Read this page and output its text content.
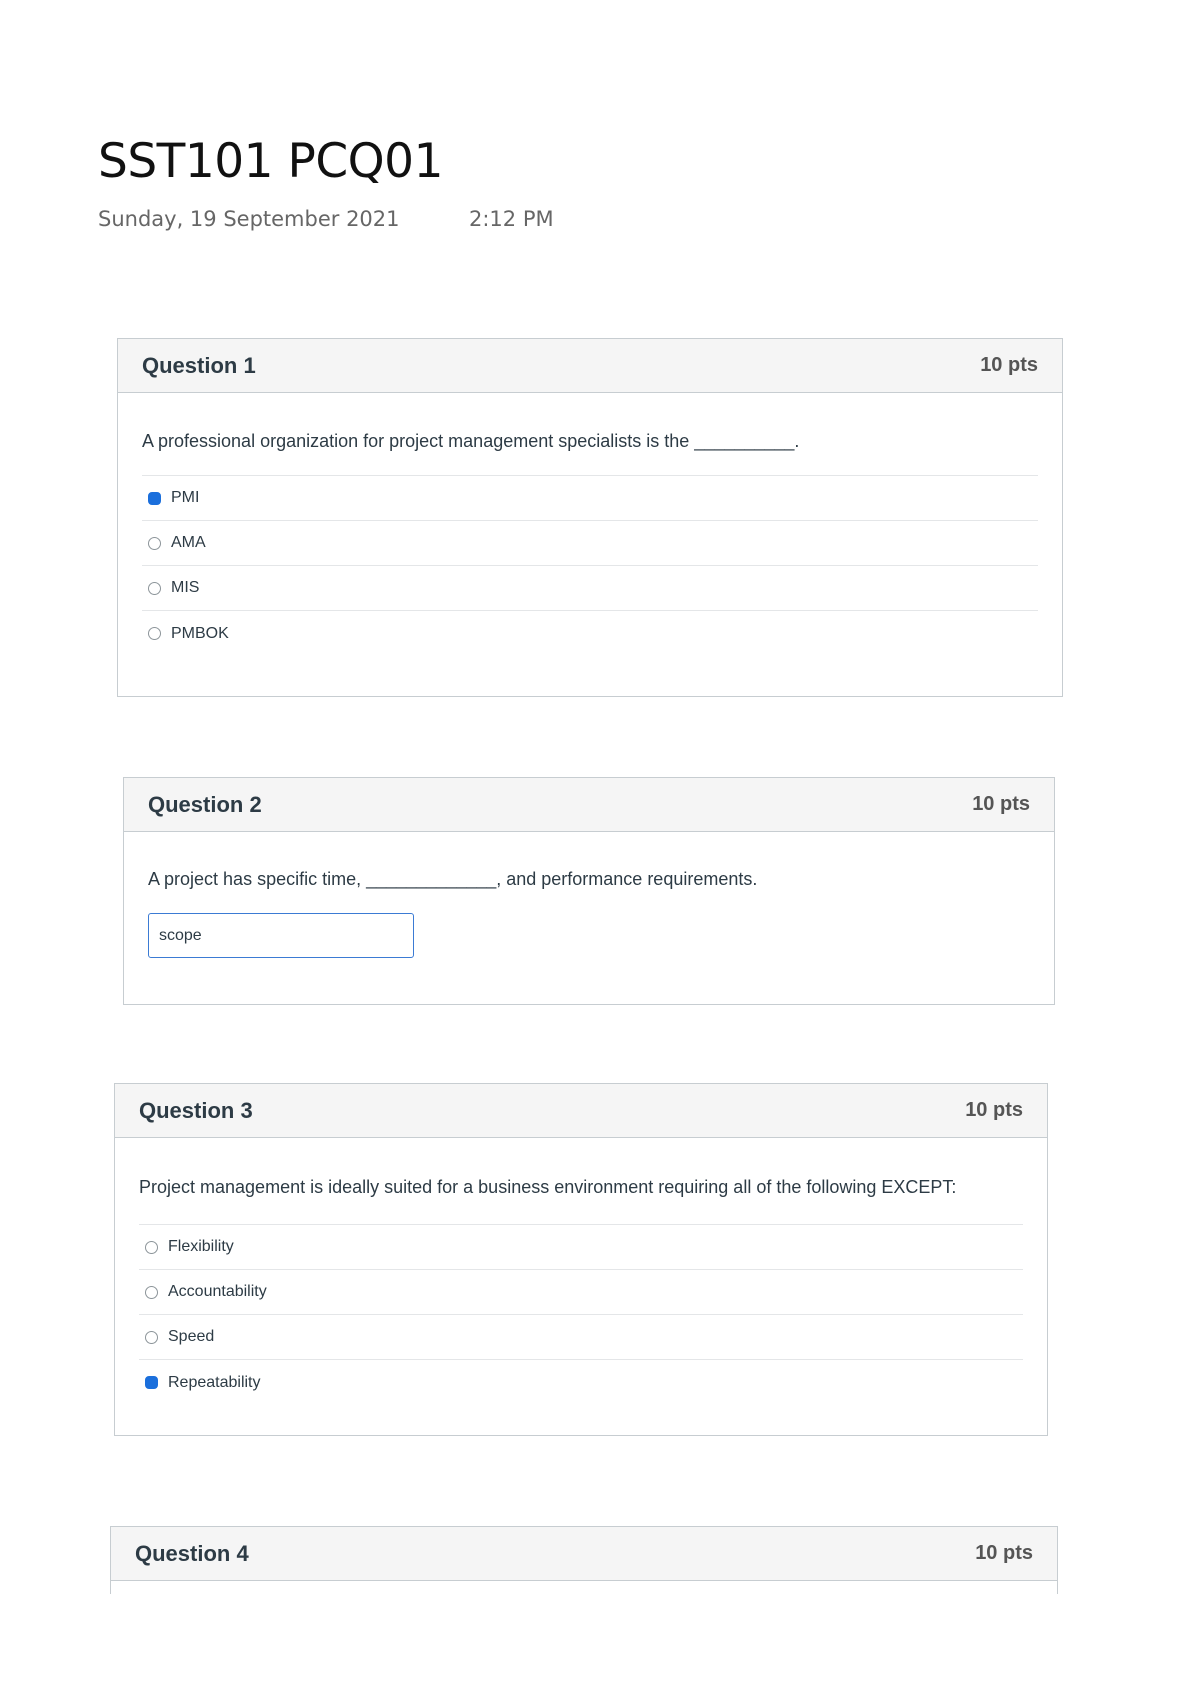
SST101 PCQ01
Sunday, 19 September 2021	2:12 PM
Question 1	10 pts
A professional organization for project management specialists is the __________.
PMI
AMA
MIS
PMBOK
Question 2	10 pts
A project has specific time, _____________, and performance requirements.
scope
Question 3	10 pts
Project management is ideally suited for a business environment requiring all of the following EXCEPT:
Flexibility
Accountability
Speed
Repeatability
Question 4	10 pts
